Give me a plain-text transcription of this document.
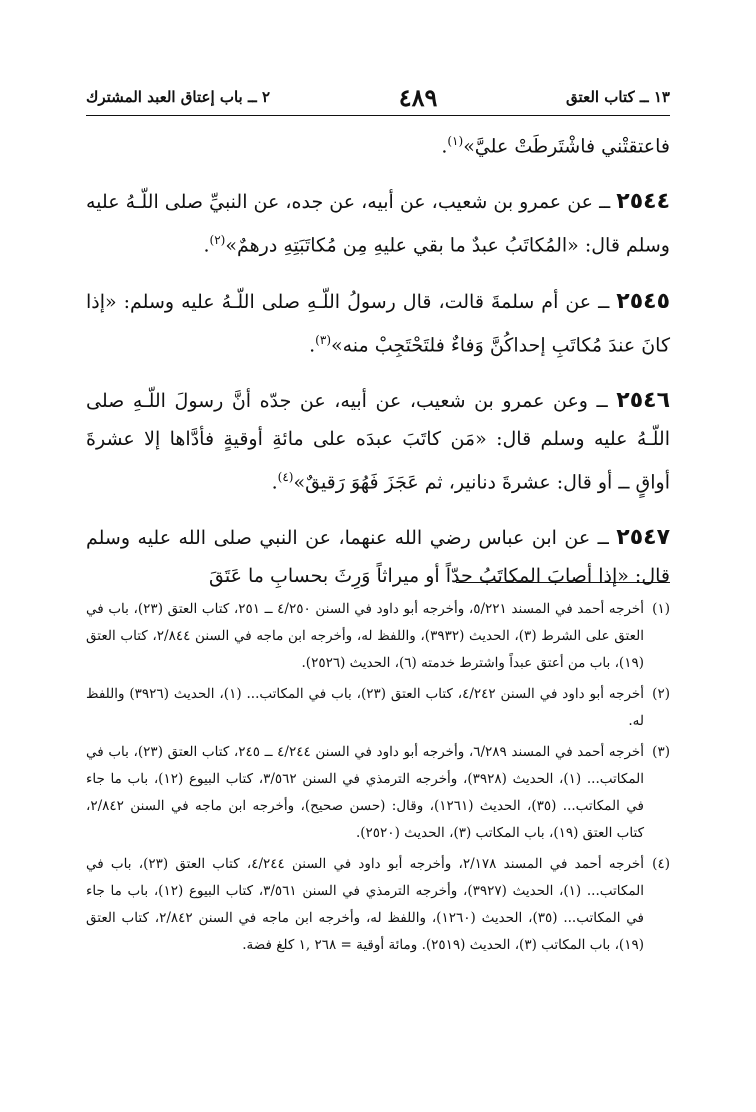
١٣ ــ كتاب العتق
٤٨٩
٢ ــ باب إعتاق العبد المشترك

فاعتقتْني فاشْتَرطَتْ عليَّ»$^{(١)}$.

٢٥٤٤ ــ عن عمرو بن شعيب، عن أبيه، عن جده، عن النبيِّ صلى اللّـهُ عليه وسلم قال: «المُكاتَبُ عبدٌ ما بقي عليهِ مِن مُكاتَبَتِهِ درهمٌ»$^{(٢)}$.

٢٥٤٥ ــ عن أم سلمةَ قالت، قال رسولُ اللّـهِ صلى اللّـهُ عليه وسلم: «إذا كانَ عندَ مُكاتَبِ إحداكُنَّ وَفاءٌ فلتَحْتَجِبْ منه»$^{(٣)}$.

٢٥٤٦ ــ وعن عمرو بن شعيب، عن أبيه، عن جدّه أنَّ رسولَ اللّـهِ صلى اللّـهُ عليه وسلم قال: «مَن كاتَبَ عبدَه على مائةِ أوقيةٍ فأدَّاها إلا عشرةَ أواقٍ ــ أو قال: عشرةَ دنانير، ثم عَجَزَ فَهُوَ رَقيقٌ»$^{(٤)}$.

٢٥٤٧ ــ عن ابن عباس رضي الله عنهما، عن النبي صلى الله عليه وسلم قال: «إذا أصابَ المكاتَبُ حدّاً أو ميراثاً وَرِثَ بحسابِ ما عَتَقَ

(١)
أخرجه أحمد في المسند ٥/٢٢١، وأخرجه أبو داود في السنن ٤/٢٥٠ ــ ٢٥١، كتاب العتق (٢٣)، باب في العتق على الشرط (٣)، الحديث (٣٩٣٢)، واللفظ له، وأخرجه ابن ماجه في السنن ٢/٨٤٤، كتاب العتق (١٩)، باب من أعتق عبداً واشترط خدمته (٦)، الحديث (٢٥٢٦).
(٢)
أخرجه أبو داود في السنن ٤/٢٤٢، كتاب العتق (٢٣)، باب في المكاتب... (١)، الحديث (٣٩٢٦) واللفظ له.
(٣)
أخرجه أحمد في المسند ٦/٢٨٩، وأخرجه أبو داود في السنن ٤/٢٤٤ ــ ٢٤٥، كتاب العتق (٢٣)، باب في المكاتب... (١)، الحديث (٣٩٢٨)، وأخرجه الترمذي في السنن ٣/٥٦٢، كتاب البيوع (١٢)، باب ما جاء في المكاتب... (٣٥)، الحديث (١٢٦١)، وقال: (حسن صحيح)، وأخرجه ابن ماجه في السنن ٢/٨٤٢، كتاب العتق (١٩)، باب المكاتب (٣)، الحديث (٢٥٢٠).
(٤)
أخرجه أحمد في المسند ٢/١٧٨، وأخرجه أبو داود في السنن ٤/٢٤٤، كتاب العتق (٢٣)، باب في المكاتب... (١)، الحديث (٣٩٢٧)، وأخرجه الترمذي في السنن ٣/٥٦١، كتاب البيوع (١٢)، باب ما جاء في المكاتب... (٣٥)، الحديث (١٢٦٠)، واللفظ له، وأخرجه ابن ماجه في السنن ٢/٨٤٢، كتاب العتق (١٩)، باب المكاتب (٣)، الحديث (٢٥١٩). ومائة أوقية = ٢٦٨ ,١ كلغ فضة.
